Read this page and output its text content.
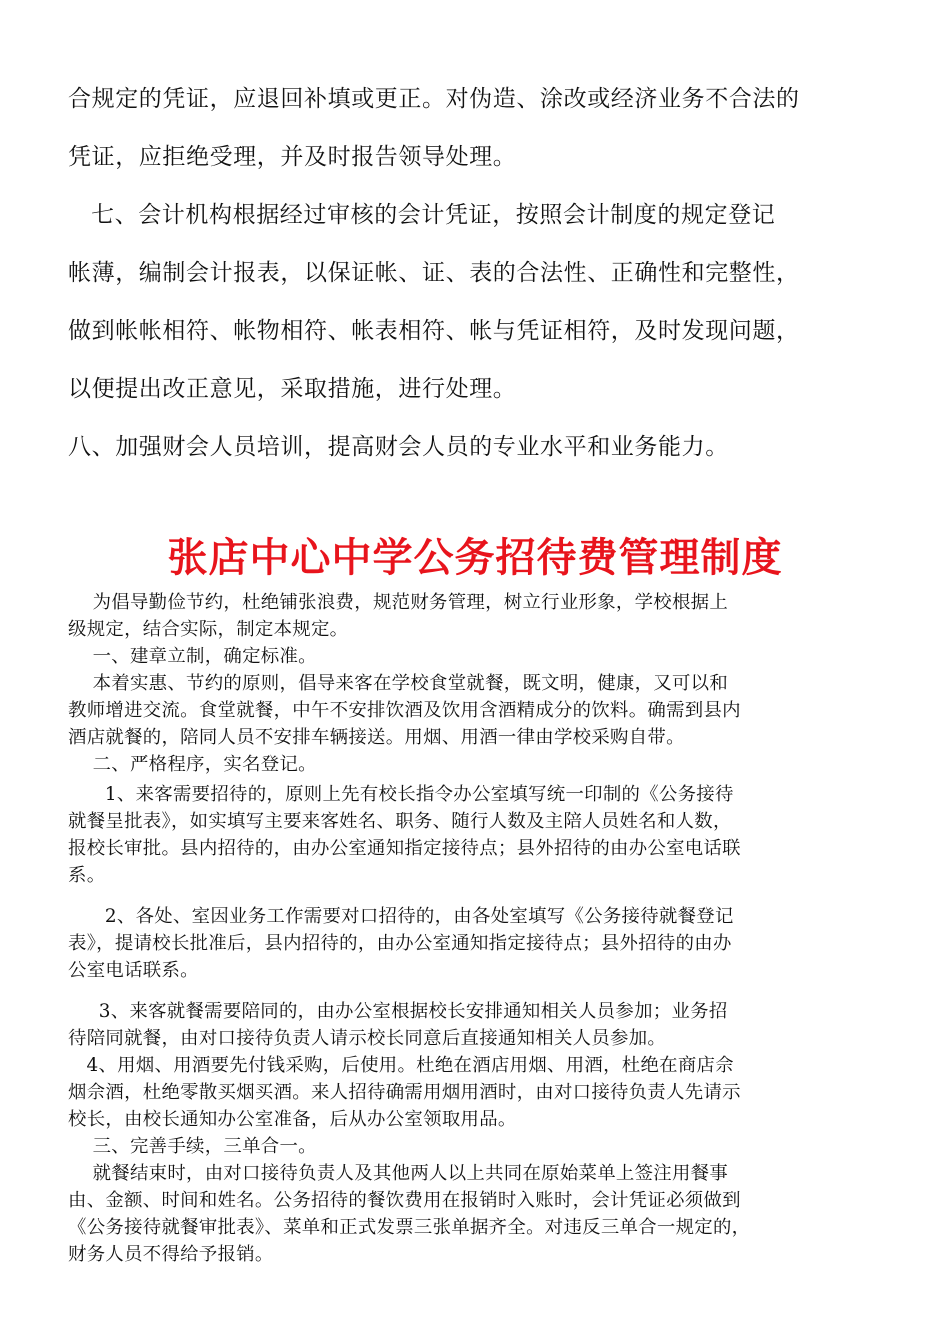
合规定的凭证，应退回补填或更正。对伪造、涂改或经济业务不合法的

凭证，应拒绝受理，并及时报告领导处理。

七、会计机构根据经过审核的会计凭证，按照会计制度的规定登记

帐薄，编制会计报表，以保证帐、证、表的合法性、正确性和完整性，

做到帐帐相符、帐物相符、帐表相符、帐与凭证相符，及时发现问题，

以便提出改正意见，采取措施，进行处理。

八、加强财会人员培训，提高财会人员的专业水平和业务能力。

张店中心中学公务招待费管理制度

为倡导勤俭节约，杜绝铺张浪费，规范财务管理，树立行业形象，学校根据上

级规定，结合实际，制定本规定。

一、建章立制，确定标准。

本着实惠、节约的原则，倡导来客在学校食堂就餐，既文明，健康，又可以和

教师增进交流。食堂就餐，中午不安排饮酒及饮用含酒精成分的饮料。确需到县内

酒店就餐的，陪同人员不安排车辆接送。用烟、用酒一律由学校采购自带。

二、严格程序，实名登记。

1、来客需要招待的，原则上先有校长指令办公室填写统一印制的《公务接待

就餐呈批表》，如实填写主要来客姓名、职务、随行人数及主陪人员姓名和人数，

报校长审批。县内招待的，由办公室通知指定接待点；县外招待的由办公室电话联

系。

2、各处、室因业务工作需要对口招待的，由各处室填写《公务接待就餐登记

表》，提请校长批准后，县内招待的，由办公室通知指定接待点；县外招待的由办

公室电话联系。

3、来客就餐需要陪同的，由办公室根据校长安排通知相关人员参加；业务招

待陪同就餐，由对口接待负责人请示校长同意后直接通知相关人员参加。

4、用烟、用酒要先付钱采购，后使用。杜绝在酒店用烟、用酒，杜绝在商店佘

烟佘酒，杜绝零散买烟买酒。来人招待确需用烟用酒时，由对口接待负责人先请示

校长，由校长通知办公室准备，后从办公室领取用品。

三、完善手续，三单合一。

就餐结束时，由对口接待负责人及其他两人以上共同在原始菜单上签注用餐事

由、金额、时间和姓名。公务招待的餐饮费用在报销时入账时，会计凭证必须做到

《公务接待就餐审批表》、菜单和正式发票三张单据齐全。对违反三单合一规定的，

财务人员不得给予报销。
